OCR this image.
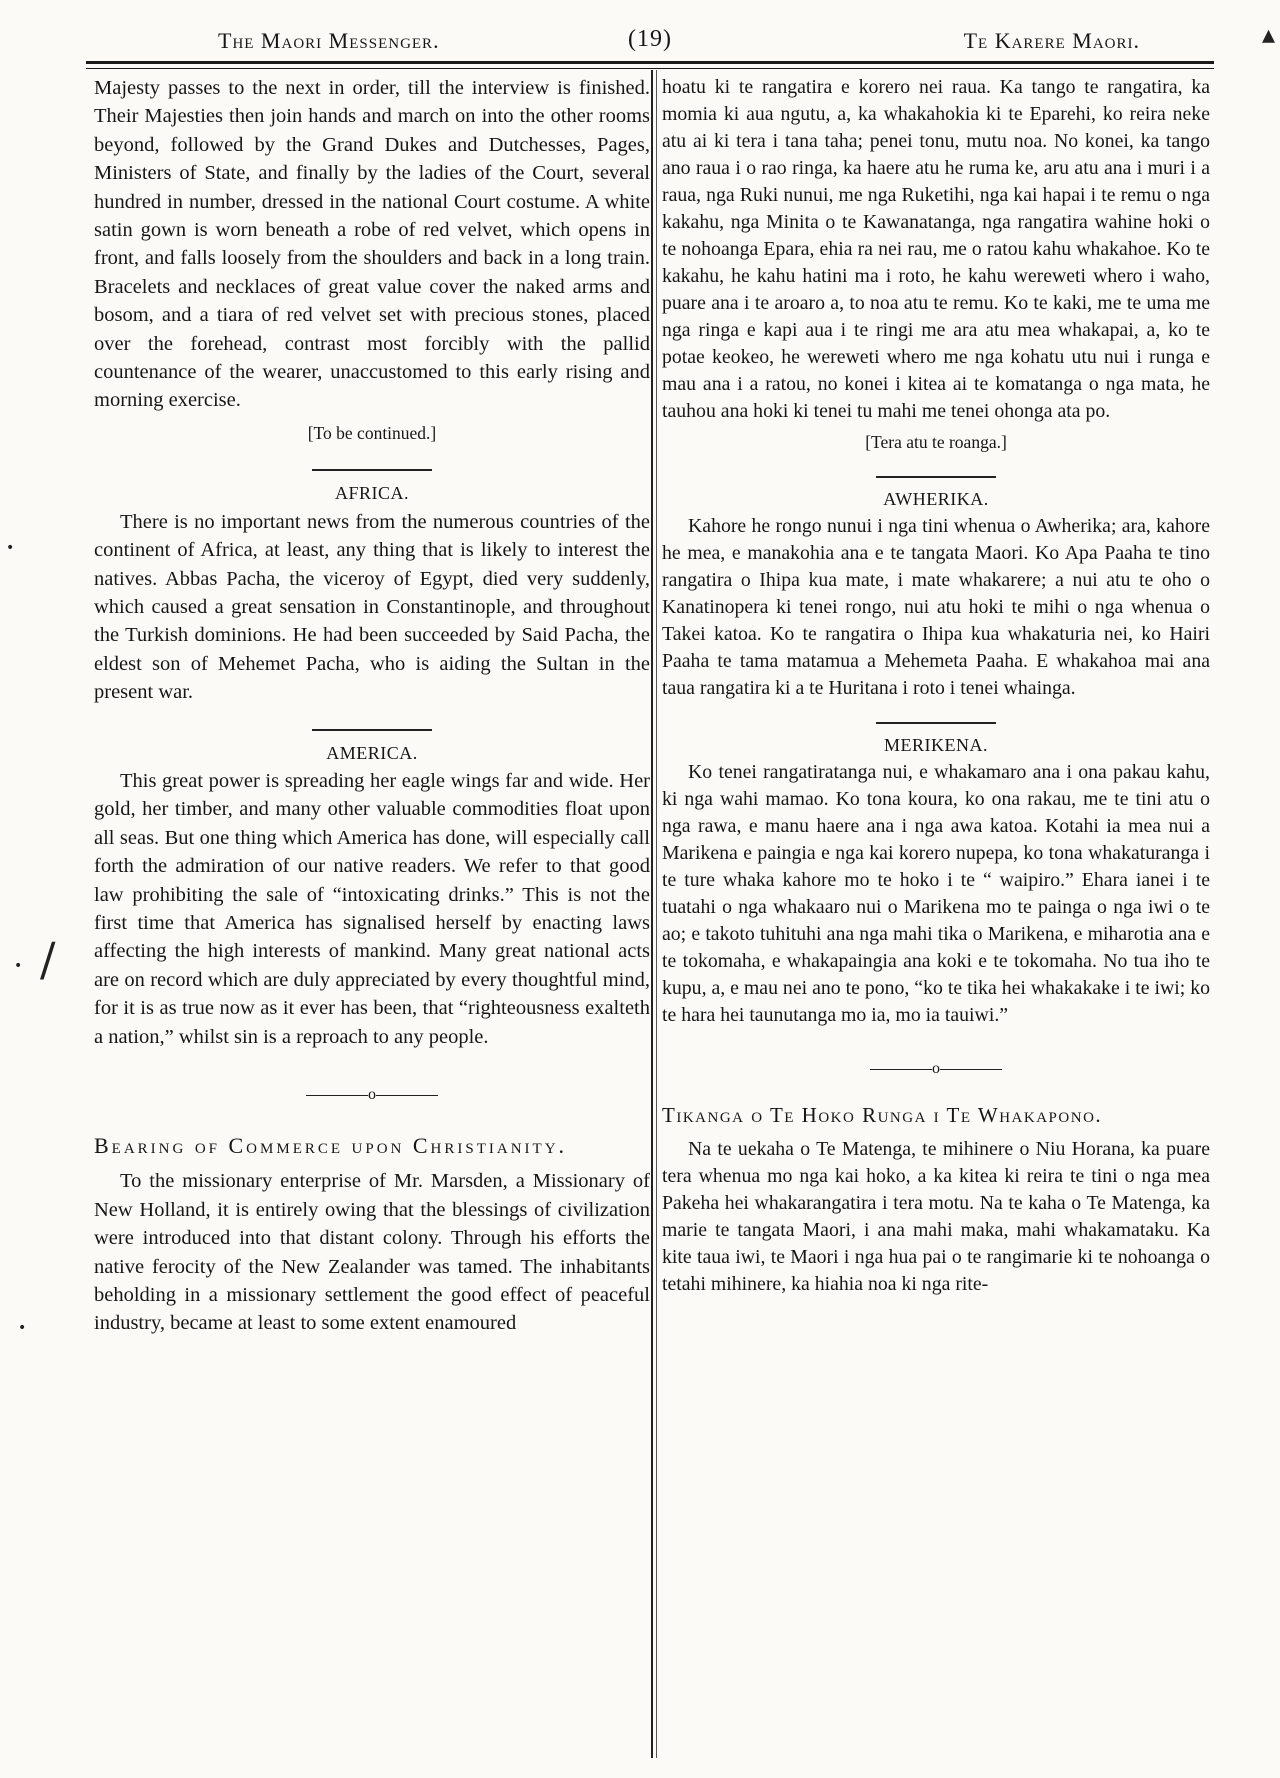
The Maori Messenger.	(19)	Te Karere Maori.

Majesty passes to the next in order, till the interview is finished. Their Majesties then join hands and march on into the other rooms beyond, followed by the Grand Dukes and Dutchesses, Pages, Ministers of State, and finally by the ladies of the Court, several hundred in number, dressed in the national Court costume. A white satin gown is worn beneath a robe of red velvet, which opens in front, and falls loosely from the shoulders and back in a long train. Bracelets and necklaces of great value cover the naked arms and bosom, and a tiara of red velvet set with precious stones, placed over the forehead, contrast most forcibly with the pallid countenance of the wearer, unaccustomed to this early rising and morning exercise.

[To be continued.]

AFRICA.

There is no important news from the numerous countries of the continent of Africa, at least, any thing that is likely to interest the natives. Abbas Pacha, the viceroy of Egypt, died very suddenly, which caused a great sensation in Constantinople, and throughout the Turkish dominions. He had been succeeded by Said Pacha, the eldest son of Mehemet Pacha, who is aiding the Sultan in the present war.

AMERICA.

This great power is spreading her eagle wings far and wide. Her gold, her timber, and many other valuable commodities float upon all seas. But one thing which America has done, will especially call forth the admiration of our native readers. We refer to that good law prohibiting the sale of “intoxicating drinks.” This is not the first time that America has signalised herself by enacting laws affecting the high interests of mankind. Many great national acts are on record which are duly appreciated by every thoughtful mind, for it is as true now as it ever has been, that “righteousness exalteth a nation,” whilst sin is a reproach to any people.

o

Bearing of Commerce upon Christianity.

To the missionary enterprise of Mr. Marsden, a Missionary of New Holland, it is entirely owing that the blessings of civilization were introduced into that distant colony. Through his efforts the native ferocity of the New Zealander was tamed. The inhabitants beholding in a missionary settlement the good effect of peaceful industry, became at least to some extent enamoured

hoatu ki te rangatira e korero nei raua. Ka tango te rangatira, ka momia ki aua ngutu, a, ka whakahokia ki te Eparehi, ko reira neke atu ai ki tera i tana taha; penei tonu, mutu noa. No konei, ka tango ano raua i o rao ringa, ka haere atu he ruma ke, aru atu ana i muri i a raua, nga Ruki nunui, me nga Ruketihi, nga kai hapai i te remu o nga kakahu, nga Minita o te Kawanatanga, nga rangatira wahine hoki o te nohoanga Epara, ehia ra nei rau, me o ratou kahu whakahoe. Ko te kakahu, he kahu hatini ma i roto, he kahu wereweti whero i waho, puare ana i te aroaro a, to noa atu te remu. Ko te kaki, me te uma me nga ringa e kapi aua i te ringi me ara atu mea whakapai, a, ko te potae keokeo, he wereweti whero me nga kohatu utu nui i runga e mau ana i a ratou, no konei i kitea ai te komatanga o nga mata, he tauhou ana hoki ki tenei tu mahi me tenei ohonga ata po.

[Tera atu te roanga.]

AWHERIKA.

Kahore he rongo nunui i nga tini whenua o Awherika; ara, kahore he mea, e manakohia ana e te tangata Maori. Ko Apa Paaha te tino rangatira o Ihipa kua mate, i mate whakarere; a nui atu te oho o Kanatinopera ki tenei rongo, nui atu hoki te mihi o nga whenua o Takei katoa. Ko te rangatira o Ihipa kua whakaturia nei, ko Hairi Paaha te tama matamua a Mehemeta Paaha. E whakahoa mai ana taua rangatira ki a te Huritana i roto i tenei whainga.

MERIKENA.

Ko tenei rangatiratanga nui, e whakamaro ana i ona pakau kahu, ki nga wahi mamao. Ko tona koura, ko ona rakau, me te tini atu o nga rawa, e manu haere ana i nga awa katoa. Kotahi ia mea nui a Marikena e paingia e nga kai korero nupepa, ko tona whakaturanga i te ture whaka kahore mo te hoko i te “ waipiro.” Ehara ianei i te tuatahi o nga whakaaro nui o Marikena mo te painga o nga iwi o te ao; e takoto tuhituhi ana nga mahi tika o Marikena, e miharotia ana e te tokomaha, e whakapaingia ana koki e te tokomaha. No tua iho te kupu, a, e mau nei ano te pono, “ko te tika hei whakakake i te iwi; ko te hara hei taunutanga mo ia, mo ia tauiwi.”

o

Tikanga o Te Hoko Runga i Te Whakapono.

Na te uekaha o Te Matenga, te mihinere o Niu Horana, ka puare tera whenua mo nga kai hoko, a ka kitea ki reira te tini o nga mea Pakeha hei whakarangatira i tera motu. Na te kaha o Te Matenga, ka marie te tangata Maori, i ana mahi maka, mahi whakamataku. Ka kite taua iwi, te Maori i nga hua pai o te rangimarie ki te nohoanga o tetahi mihinere, ka hiahia noa ki nga rite-

•
/
•
•
▴
